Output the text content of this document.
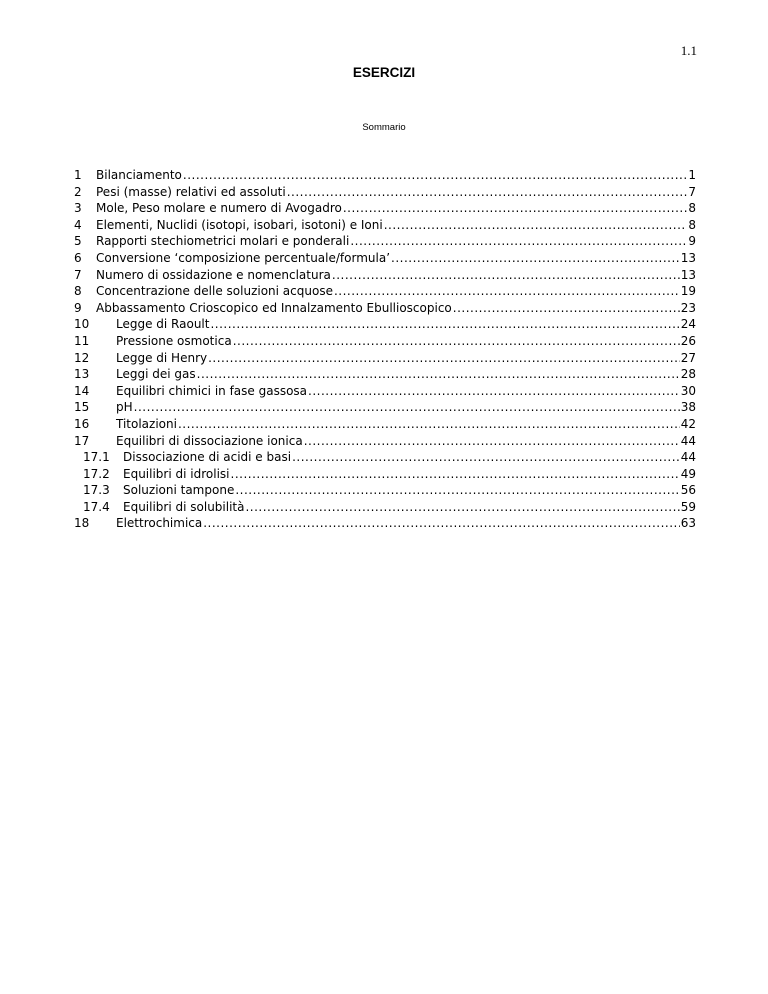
1.1
ESERCIZI
Sommario
1	Bilanciamento .....	1
2	Pesi (masse) relativi ed assoluti .....	7
3	Mole, Peso molare e numero di Avogadro .....	8
4	Elementi, Nuclidi (isotopi, isobari, isotoni) e Ioni .....	8
5	Rapporti stechiometrici molari e ponderali .....	9
6	Conversione ‘composizione percentuale/formula’ .....	13
7	Numero di ossidazione e nomenclatura .....	13
8	Concentrazione delle soluzioni acquose .....	19
9	Abbassamento Crioscopico ed Innalzamento Ebullioscopico .....	23
10	Legge di Raoult .....	24
11	Pressione osmotica .....	26
12	Legge di Henry .....	27
13	Leggi dei gas .....	28
14	Equilibri chimici in fase gassosa .....	30
15	pH .....	38
16	Titolazioni .....	42
17	Equilibri di dissociazione ionica .....	44
17.1	Dissociazione di acidi e basi .....	44
17.2	Equilibri di idrolisi .....	49
17.3	Soluzioni tampone .....	56
17.4	Equilibri di solubilità .....	59
18	Elettrochimica .....	63
